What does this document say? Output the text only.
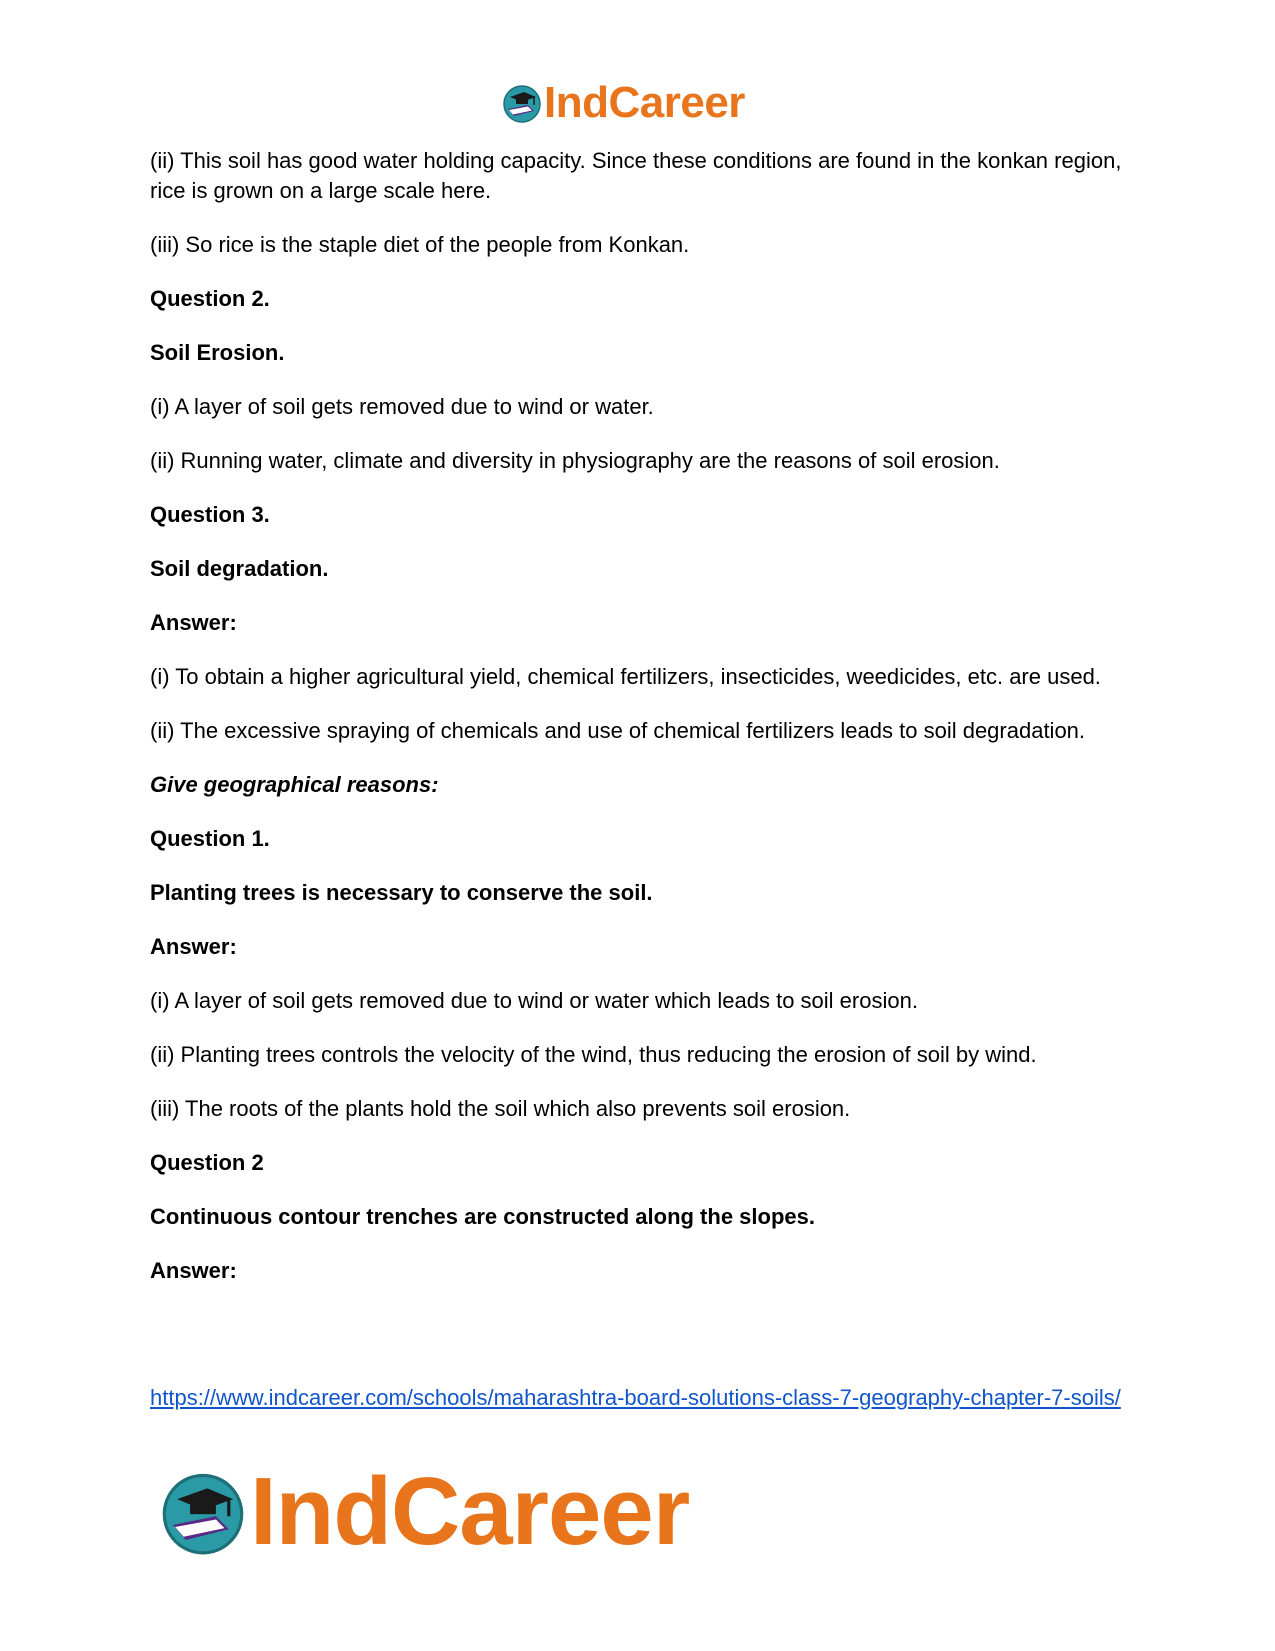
IndCareer

(ii) This soil has good water holding capacity. Since these conditions are found in the konkan region, rice is grown on a large scale here.

(iii) So rice is the staple diet of the people from Konkan.

Question 2.

Soil Erosion.

(i) A layer of soil gets removed due to wind or water.

(ii) Running water, climate and diversity in physiography are the reasons of soil erosion.

Question 3.

Soil degradation.

Answer:

(i) To obtain a higher agricultural yield, chemical fertilizers, insecticides, weedicides, etc. are used.

(ii) The excessive spraying of chemicals and use of chemical fertilizers leads to soil degradation.

Give geographical reasons:

Question 1.

Planting trees is necessary to conserve the soil.

Answer:

(i) A layer of soil gets removed due to wind or water which leads to soil erosion.

(ii) Planting trees controls the velocity of the wind, thus reducing the erosion of soil by wind.

(iii) The roots of the plants hold the soil which also prevents soil erosion.

Question 2

Continuous contour trenches are constructed along the slopes.

Answer:

https://www.indcareer.com/schools/maharashtra-board-solutions-class-7-geography-chapter-7-soils/
IndCareer
